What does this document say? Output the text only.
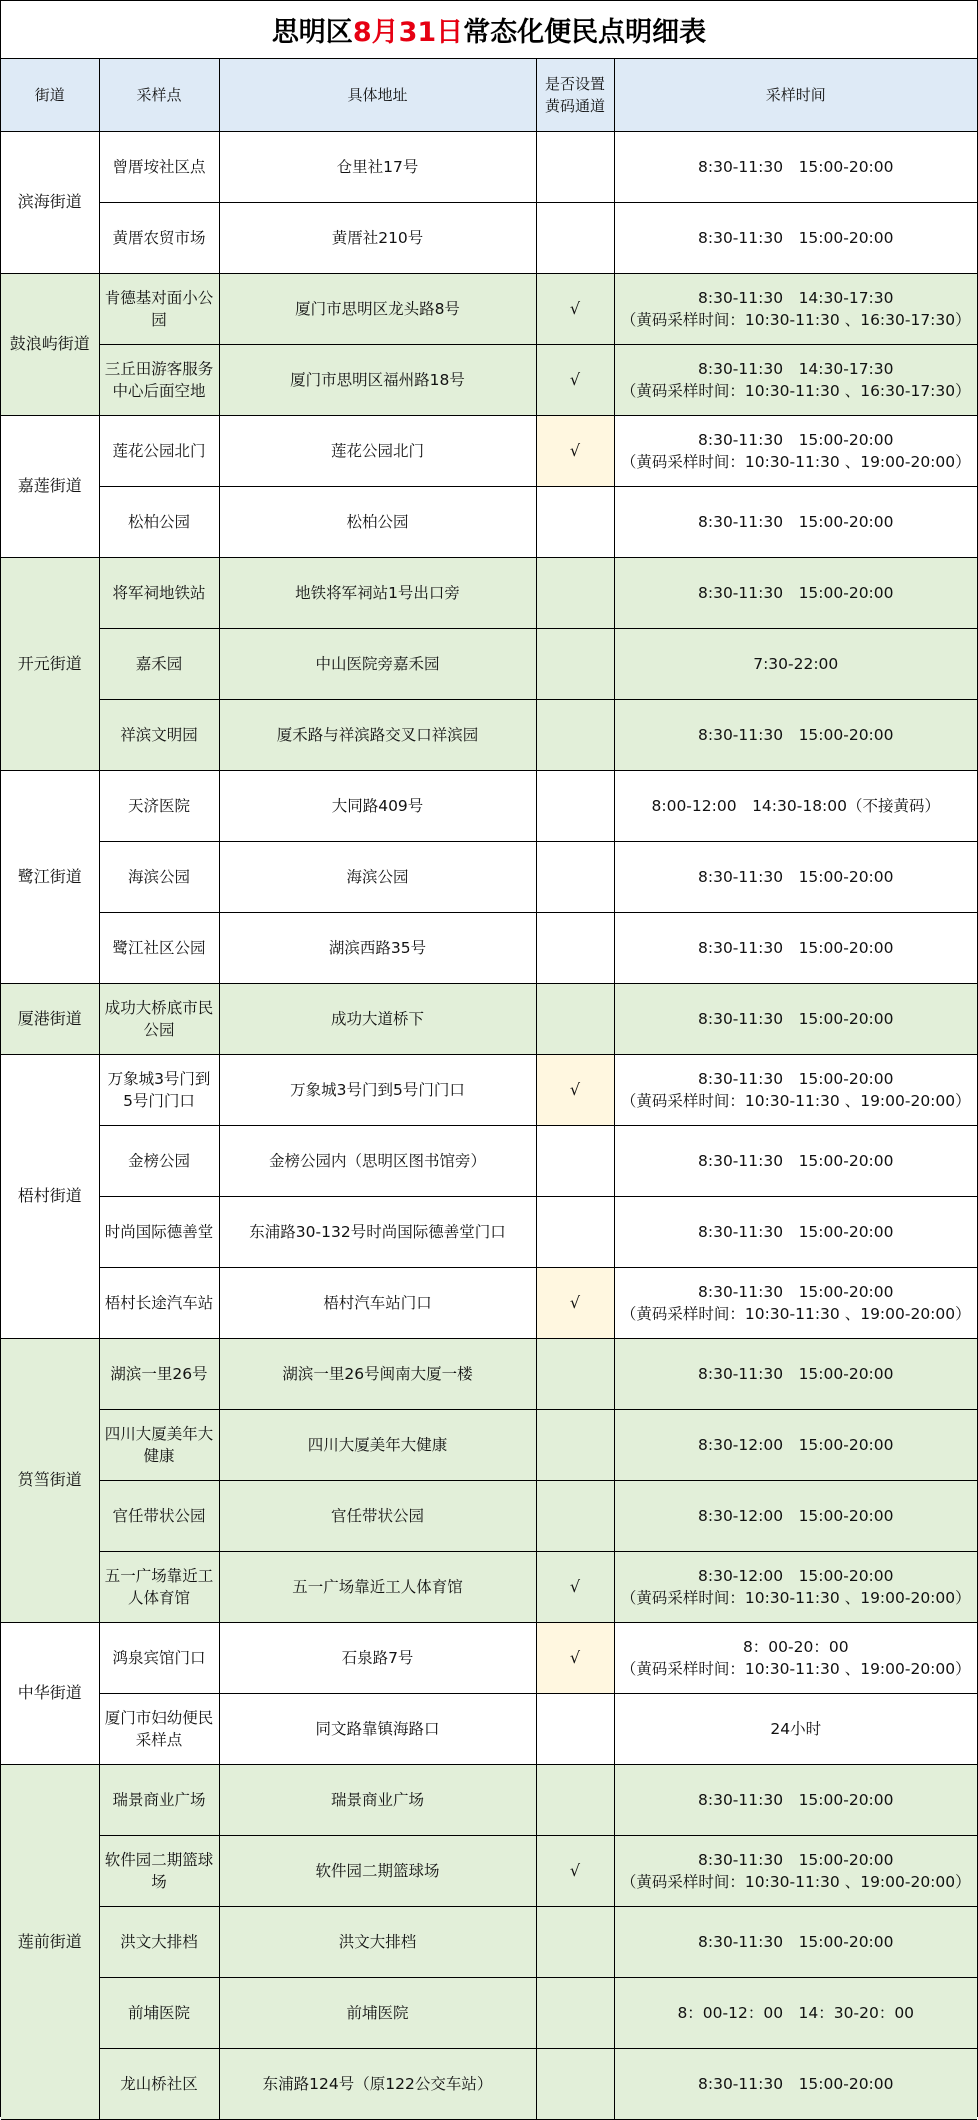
思明区 8月31日 常态化便民点明细表
街道	采样点	具体地址	是否设置黄码通道	采样时间
滨海街道	曾厝垵社区点	仓里社17号		8:30-11:30　15:00-20:00

	黄厝农贸市场	黄厝社210号		8:30-11:30　15:00-20:00

鼓浪屿街道	肯德基对面小公园	厦门市思明区龙头路8号	√	8:30-11:30　14:30-17:30
（黄码采样时间：10:30-11:30 、16:30-17:30）

	三丘田游客服务中心后面空地	厦门市思明区福州路18号	√	8:30-11:30　14:30-17:30
（黄码采样时间：10:30-11:30 、16:30-17:30）

嘉莲街道	莲花公园北门	莲花公园北门	√	8:30-11:30　15:00-20:00
（黄码采样时间：10:30-11:30 、19:00-20:00）

	松柏公园	松柏公园		8:30-11:30　15:00-20:00

开元街道	将军祠地铁站	地铁将军祠站1号出口旁		8:30-11:30　15:00-20:00

	嘉禾园	中山医院旁嘉禾园		7:30-22:00

	祥滨文明园	厦禾路与祥滨路交叉口祥滨园		8:30-11:30　15:00-20:00

鹭江街道	天济医院	大同路409号		8:00-12:00　14:30-18:00（不接黄码）

	海滨公园	海滨公园		8:30-11:30　15:00-20:00

	鹭江社区公园	湖滨西路35号		8:30-11:30　15:00-20:00

厦港街道	成功大桥底市民公园	成功大道桥下		8:30-11:30　15:00-20:00

梧村街道	万象城3号门到5号门门口	万象城3号门到5号门门口	√	8:30-11:30　15:00-20:00
（黄码采样时间：10:30-11:30 、19:00-20:00）

	金榜公园	金榜公园内（思明区图书馆旁）		8:30-11:30　15:00-20:00

	时尚国际德善堂	东浦路30-132号时尚国际德善堂门口		8:30-11:30　15:00-20:00

	梧村长途汽车站	梧村汽车站门口	√	8:30-11:30　15:00-20:00
（黄码采样时间：10:30-11:30 、19:00-20:00）

筼筜街道	湖滨一里26号	湖滨一里26号闽南大厦一楼		8:30-11:30　15:00-20:00

	四川大厦美年大健康	四川大厦美年大健康		8:30-12:00　15:00-20:00

	官任带状公园	官任带状公园		8:30-12:00　15:00-20:00

	五一广场靠近工人体育馆	五一广场靠近工人体育馆	√	8:30-12:00　15:00-20:00
（黄码采样时间：10:30-11:30 、19:00-20:00）

中华街道	鸿泉宾馆门口	石泉路7号	√	8：00-20：00
（黄码采样时间：10:30-11:30 、19:00-20:00）

	厦门市妇幼便民采样点	同文路靠镇海路口		24小时

莲前街道	瑞景商业广场	瑞景商业广场		8:30-11:30　15:00-20:00

	软件园二期篮球场	软件园二期篮球场	√	8:30-11:30　15:00-20:00
（黄码采样时间：10:30-11:30 、19:00-20:00）

	洪文大排档	洪文大排档		8:30-11:30　15:00-20:00

	前埔医院	前埔医院		8：00-12：00　14：30-20：00

	龙山桥社区	东浦路124号（原122公交车站）		8:30-11:30　15:00-20:00
